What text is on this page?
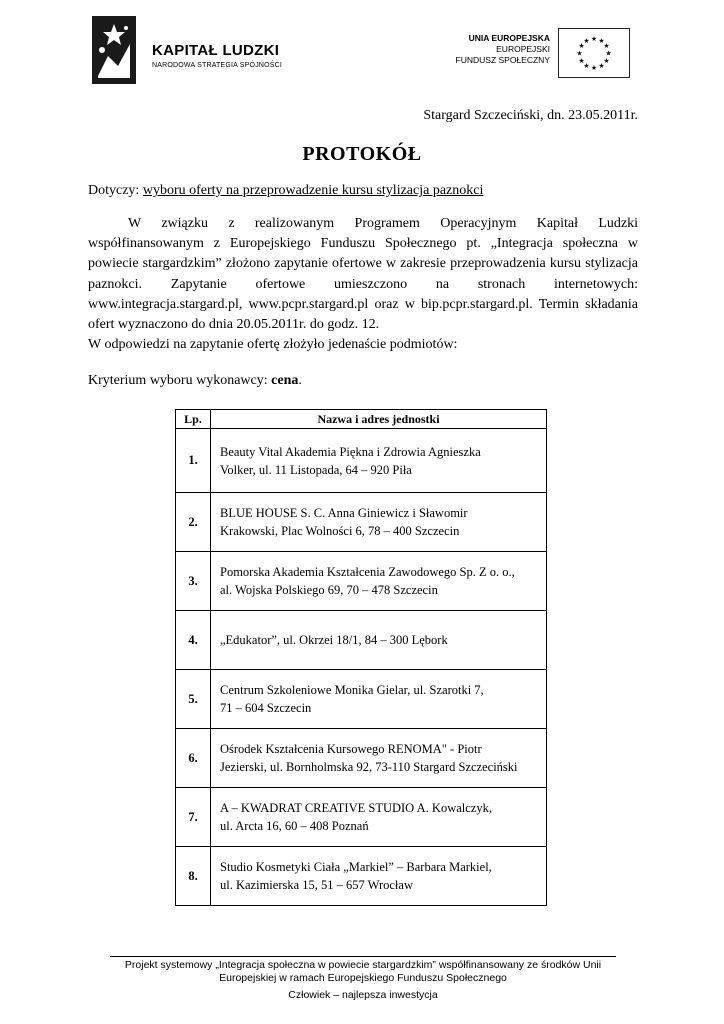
KAPITAŁ LUDZKI
NARODOWA STRATEGIA SPÓJNOŚCI
UNIA EUROPEJSKA
EUROPEJSKI
FUNDUSZ SPOŁECZNY
★ ★
★
★
★
★
★
★
★
★
★
★
Stargard Szczeciński, dn. 23.05.2011r.
PROTOKÓŁ
Dotyczy: wyboru oferty na przeprowadzenie kursu stylizacja paznokci
W związku z realizowanym Programem Operacyjnym Kapitał Ludzki współfinansowanym z Europejskiego Funduszu Społecznego pt. „Integracja społeczna w powiecie stargardzkim” złożono zapytanie ofertowe w zakresie przeprowadzenia kursu stylizacja paznokci. Zapytanie ofertowe umieszczono na stronach internetowych: www.integracja.stargard.pl, www.pcpr.stargard.pl oraz w bip.pcpr.stargard.pl. Termin składania ofert wyznaczono do dnia 20.05.2011r. do godz. 12.
W odpowiedzi na zapytanie ofertę złożyło jedenaście podmiotów:
Kryterium wyboru wykonawcy: cena.
Lp.	Nazwa i adres jednostki
1.	Beauty Vital Akademia Piękna i Zdrowia Agnieszka
Volker, ul. 11 Listopada, 64 – 920 Piła

2.	BLUE HOUSE S. C. Anna Giniewicz i Sławomir
Krakowski, Plac Wolności 6, 78 – 400 Szczecin

3.	Pomorska Akademia Kształcenia Zawodowego Sp. Z o. o.,
al. Wojska Polskiego 69, 70 – 478 Szczecin

4.	„Edukator”, ul. Okrzei 18/1, 84 – 300 Lębork

5.	Centrum Szkoleniowe Monika Gielar, ul. Szarotki 7,
71 – 604 Szczecin

6.	Ośrodek Kształcenia Kursowego RENOMA" - Piotr
Jezierski, ul. Bornholmska 92, 73-110 Stargard Szczeciński

7.	A – KWADRAT CREATIVE STUDIO A. Kowalczyk,
ul. Arcta 16, 60 – 408 Poznań

8.	Studio Kosmetyki Ciała „Markiel” – Barbara Markiel,
ul. Kazimierska 15, 51 – 657 Wrocław
Projekt systemowy „Integracja społeczna w powiecie stargardzkim” współfinansowany ze środków Unii
Europejskiej w ramach Europejskiego Funduszu Społecznego
Człowiek – najlepsza inwestycja
